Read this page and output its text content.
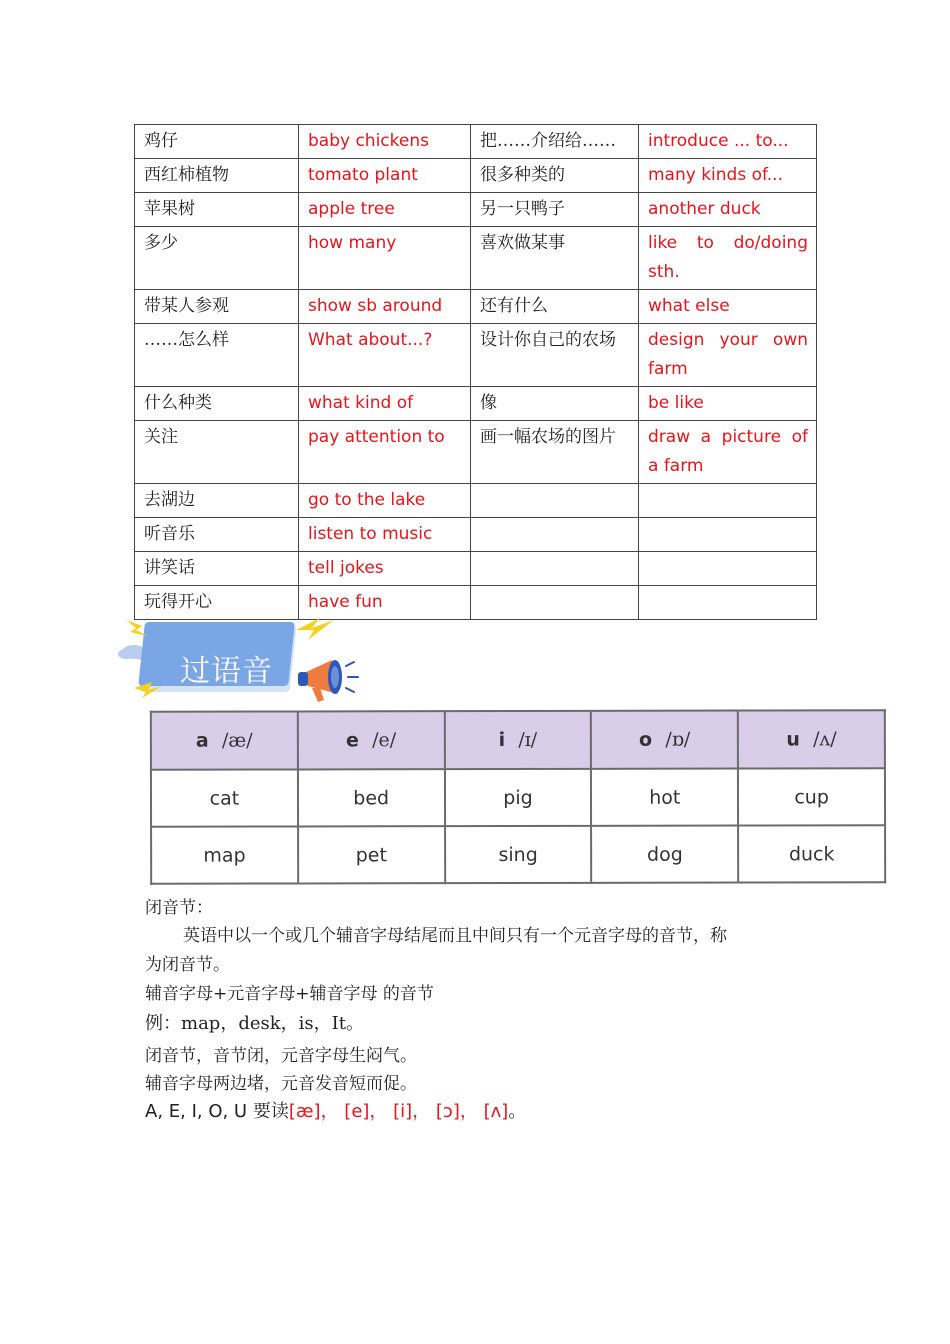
鸡仔	baby chickens	把……介绍给……	introduce ... to...
西红柿植物	tomato plant	很多种类的	many kinds of...
苹果树	apple tree	另一只鸭子	another duck
多少	how many	喜欢做某事	like to do/doing sth.
带某人参观	show sb around	还有什么	what else
……怎么样	What about...?	设计你自己的农场	design your own farm
什么种类	what kind of	像	be like
关注	pay attention to	画一幅农场的图片	draw a picture of a farm
去湖边	go to the lake		
听音乐	listen to music		
讲笑话	tell jokes		
玩得开心	have fun		
过语音
a /æ/	e /e/	i /ɪ/	o /ɒ/	u /ʌ/
cat	bed	pig	hot	cup
map	pet	sing	dog	duck
闭音节：
英语中以一个或几个辅音字母结尾而且中间只有一个元音字母的音节，称
为闭音节。
辅音字母+元音字母+辅音字母 的音节
例：map，desk，is，It。
闭音节，音节闭，元音字母生闷气。
辅音字母两边堵，元音发音短而促。
A, E, I, O, U 要读[æ]， [e]， [i]， [ɔ]， [ʌ]。
